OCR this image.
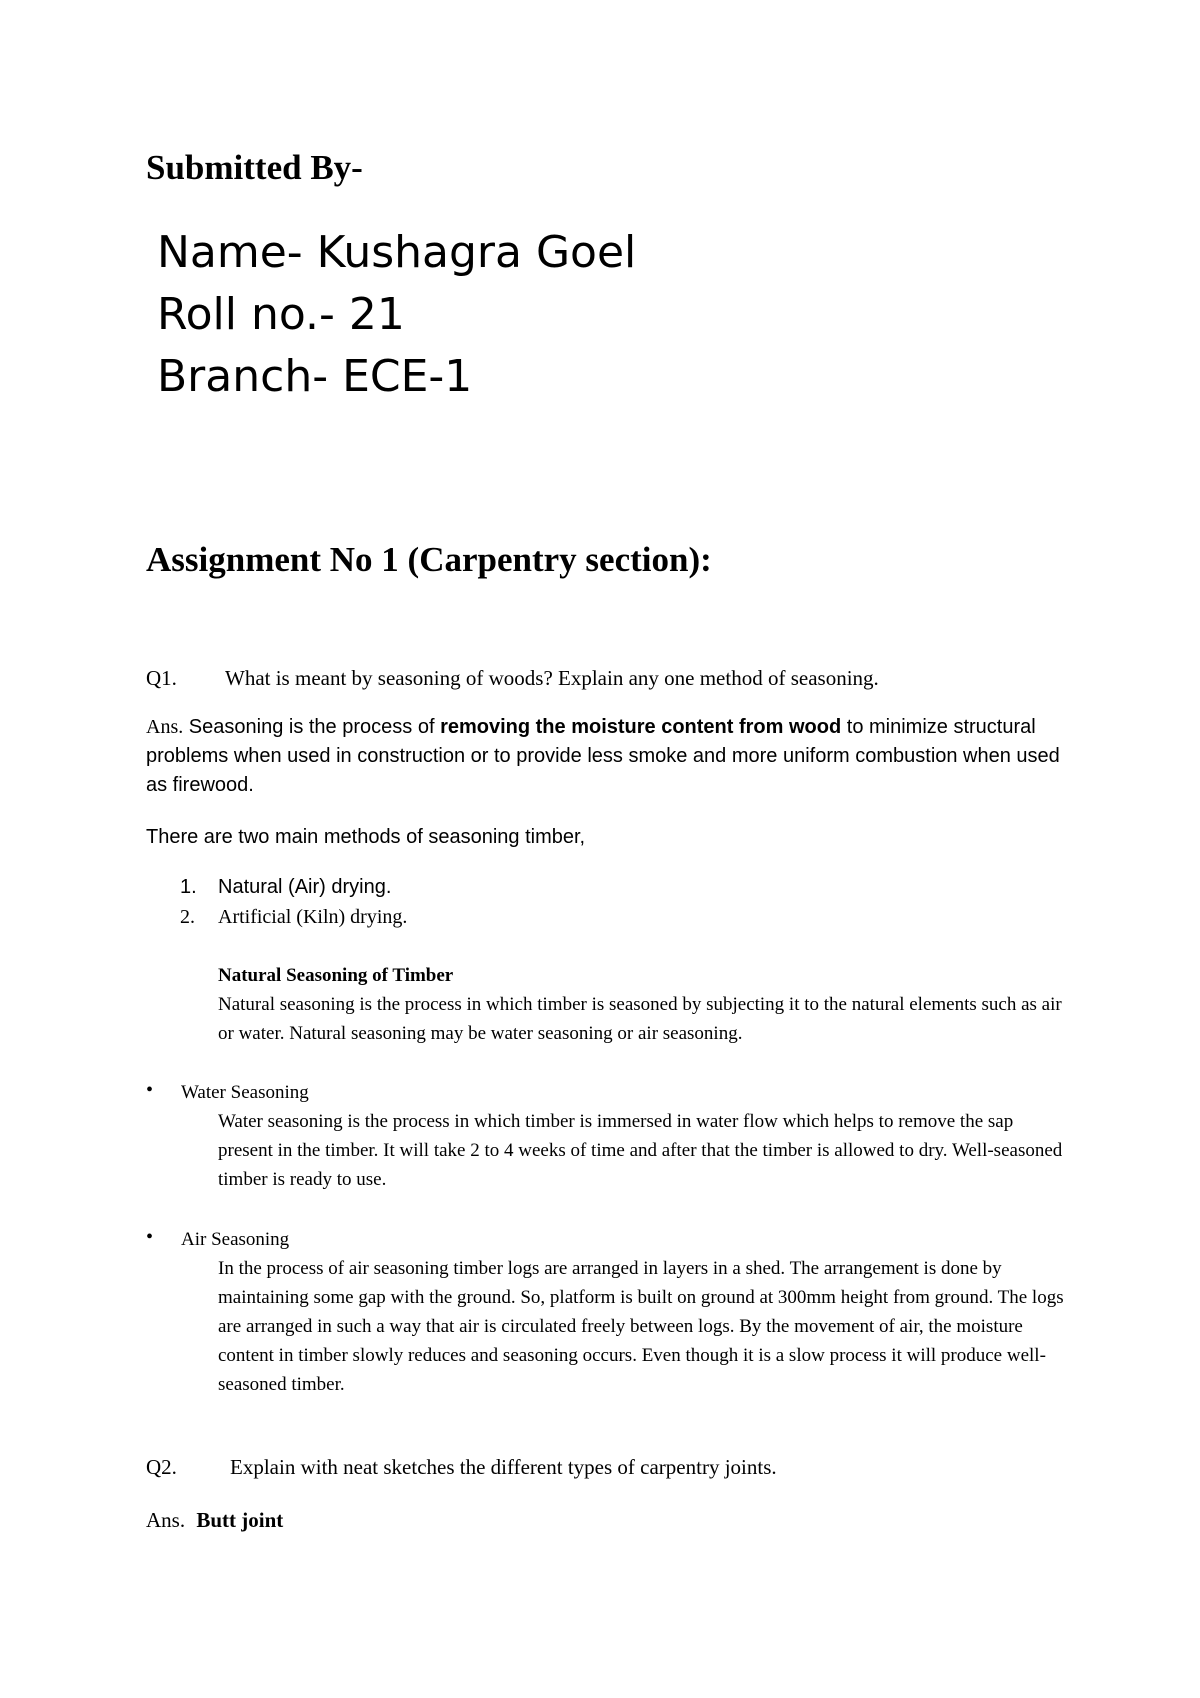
Submitted By-
Name- Kushagra Goel
Roll no.- 21
Branch- ECE-1
Assignment No 1 (Carpentry section):
Q1. What is meant by seasoning of woods? Explain any one method of seasoning.
Ans. Seasoning is the process of removing the moisture content from wood to minimize structural problems when used in construction or to provide less smoke and more uniform combustion when used as firewood.
There are two main methods of seasoning timber,
1. Natural (Air) drying.
2. Artificial (Kiln) drying.
Natural Seasoning of Timber
Natural seasoning is the process in which timber is seasoned by subjecting it to the natural elements such as air or water. Natural seasoning may be water seasoning or air seasoning.
• Water Seasoning
Water seasoning is the process in which timber is immersed in water flow which helps to remove the sap present in the timber. It will take 2 to 4 weeks of time and after that the timber is allowed to dry. Well-seasoned timber is ready to use.
• Air Seasoning
In the process of air seasoning timber logs are arranged in layers in a shed. The arrangement is done by maintaining some gap with the ground. So, platform is built on ground at 300mm height from ground. The logs are arranged in such a way that air is circulated freely between logs. By the movement of air, the moisture content in timber slowly reduces and seasoning occurs. Even though it is a slow process it will produce well-seasoned timber.
Q2.	Explain with neat sketches the different types of carpentry joints.
Ans. Butt joint
